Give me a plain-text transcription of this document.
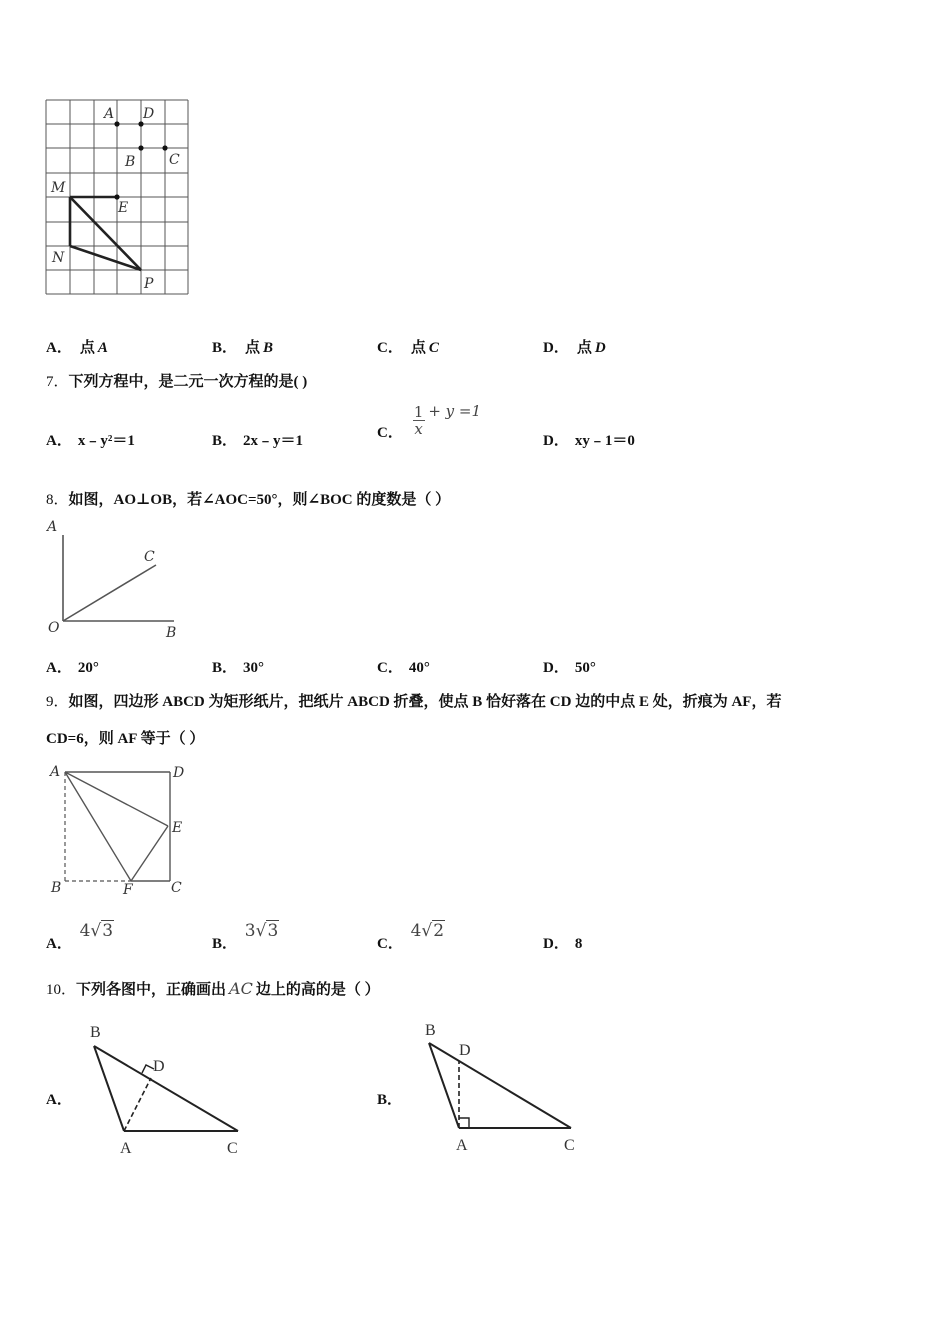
A D
B C
M
E
N
P
A． 点 A	B． 点 B	C． 点 C	D． 点 D
7．下列方程中，是二元一次方程的是( )
A． x﹣y²＝1	B． 2x﹣y＝1
C． $\frac{1}{x} + y =1$
D． xy﹣1＝0
8．如图，AO⊥OB，若∠AOC=50°，则∠BOC 的度数是（ ）
A
C
O	B
A． 20°	B． 30°	C． 40°	D． 50°
9．如图，四边形 ABCD 为矩形纸片，把纸片 ABCD 折叠，使点 B 恰好落在 CD 边的中点 E 处，折痕为 AF，若
CD=6，则 AF 等于（ ）
A	D
E
B	F	C
A． 4√3
B． 3√3
C． 4√2
D． 8
10．下列各图中，正确画出 AC 边上的高的是（ ）
A．
B
D
A	C
B．
B
D
A	C
